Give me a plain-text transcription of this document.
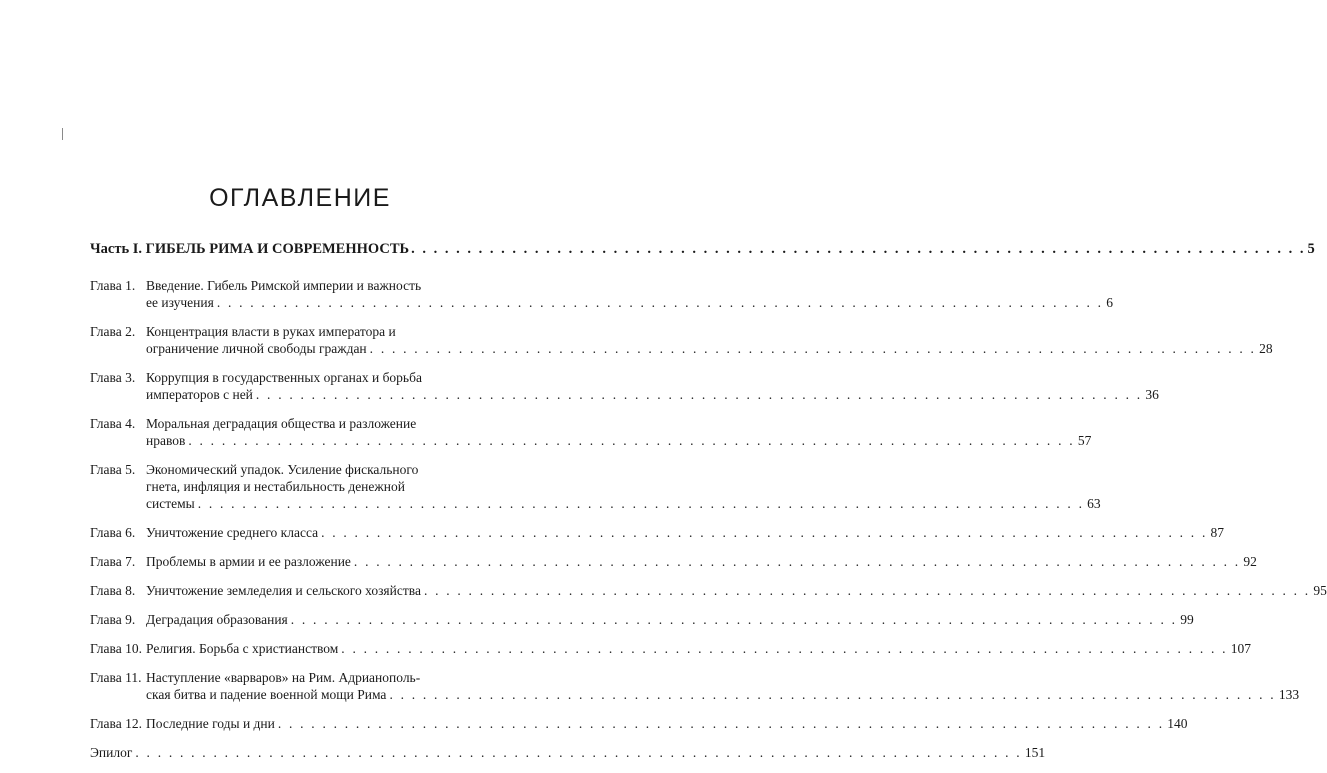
ОГЛАВЛЕНИЕ
Часть I. ГИБЕЛЬ РИМА И СОВРЕМЕННОСТЬ . . . . . . . . . . . . . . . . . . . . . . . . . . . . . . . . . . . . . . . . . . . . . . . . . . . . . . . . . . . . . . . . . . . . . . . . . . . . . . . . 5
Глава 1. Введение. Гибель Римской империи и важность
ее изучения . . . . . . . . . . . . . . . . . . . . . . . . . . . . . . . . . . . . . . . . . . . . . . . . . . . . . . . . . . . . . . . . . . . . . . . . . . . . . . . . 6
Глава 2. Концентрация власти в руках императора и
ограничение личной свободы граждан . . . . . . . . . . . . . . . . . . . . . . . . . . . . . . . . . . . . . . . . . . . . . . . . . . . . . . . . . . . . . . . . . . . . . . . . . . . . . . . . 28
Глава 3. Коррупция в государственных органах и борьба
императоров с ней . . . . . . . . . . . . . . . . . . . . . . . . . . . . . . . . . . . . . . . . . . . . . . . . . . . . . . . . . . . . . . . . . . . . . . . . . . . . . . . . 36
Глава 4. Моральная деградация общества и разложение
нравов . . . . . . . . . . . . . . . . . . . . . . . . . . . . . . . . . . . . . . . . . . . . . . . . . . . . . . . . . . . . . . . . . . . . . . . . . . . . . . . . 57
Глава 5. Экономический упадок. Усиление фискального
гнета, инфляция и нестабильность денежной
системы . . . . . . . . . . . . . . . . . . . . . . . . . . . . . . . . . . . . . . . . . . . . . . . . . . . . . . . . . . . . . . . . . . . . . . . . . . . . . . . . 63
Глава 6. Уничтожение среднего класса . . . . . . . . . . . . . . . . . . . . . . . . . . . . . . . . . . . . . . . . . . . . . . . . . . . . . . . . . . . . . . . . . . . . . . . . . . . . . . . . 87
Глава 7. Проблемы в армии и ее разложение . . . . . . . . . . . . . . . . . . . . . . . . . . . . . . . . . . . . . . . . . . . . . . . . . . . . . . . . . . . . . . . . . . . . . . . . . . . . . . . . 92
Глава 8. Уничтожение земледелия и сельского хозяйства . . . . . . . . . . . . . . . . . . . . . . . . . . . . . . . . . . . . . . . . . . . . . . . . . . . . . . . . . . . . . . . . . . . . . . . . . . . . . . . . 95
Глава 9. Деградация образования . . . . . . . . . . . . . . . . . . . . . . . . . . . . . . . . . . . . . . . . . . . . . . . . . . . . . . . . . . . . . . . . . . . . . . . . . . . . . . . . 99
Глава 10. Религия. Борьба с христианством . . . . . . . . . . . . . . . . . . . . . . . . . . . . . . . . . . . . . . . . . . . . . . . . . . . . . . . . . . . . . . . . . . . . . . . . . . . . . . . . 107
Глава 11. Наступление «варваров» на Рим. Адрианополь-
ская битва и падение военной мощи Рима . . . . . . . . . . . . . . . . . . . . . . . . . . . . . . . . . . . . . . . . . . . . . . . . . . . . . . . . . . . . . . . . . . . . . . . . . . . . . . . . 133
Глава 12. Последние годы и дни . . . . . . . . . . . . . . . . . . . . . . . . . . . . . . . . . . . . . . . . . . . . . . . . . . . . . . . . . . . . . . . . . . . . . . . . . . . . . . . . 140
Эпилог . . . . . . . . . . . . . . . . . . . . . . . . . . . . . . . . . . . . . . . . . . . . . . . . . . . . . . . . . . . . . . . . . . . . . . . . . . . . . . . . 151
